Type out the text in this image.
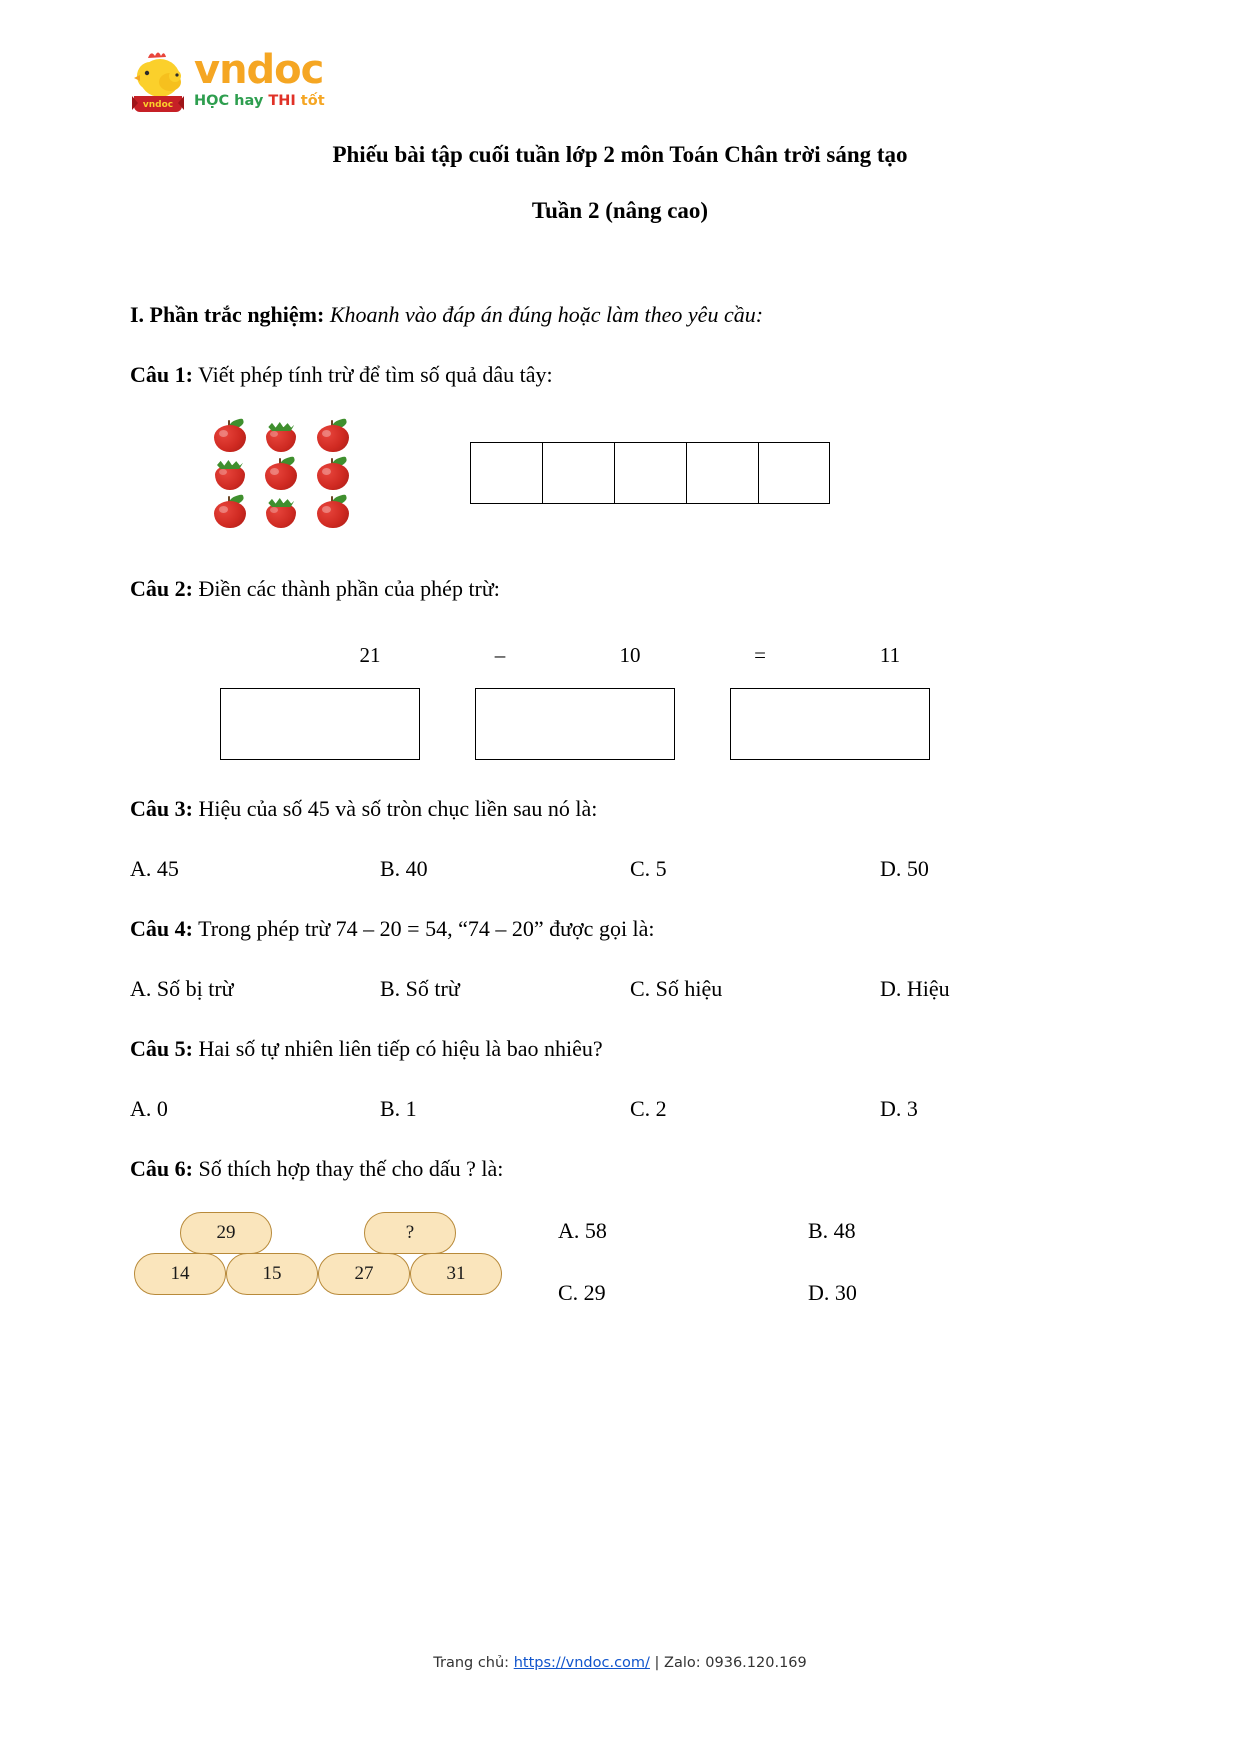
vndoc
vndoc
HỌC hay THI tốt
Phiếu bài tập cuối tuần lớp 2 môn Toán Chân trời sáng tạo
Tuần 2 (nâng cao)
I. Phần trắc nghiệm: Khoanh vào đáp án đúng hoặc làm theo yêu cầu:
Câu 1: Viết phép tính trừ để tìm số quả dâu tây:
Câu 2: Điền các thành phần của phép trừ:
21	–	10	=	11
Câu 3: Hiệu của số 45 và số tròn chục liền sau nó là:
A. 45	B. 40	C. 5	D. 50
Câu 4: Trong phép trừ 74 – 20 = 54, “74 – 20” được gọi là:
A. Số bị trừ	B. Số trừ	C. Số hiệu	D. Hiệu
Câu 5: Hai số tự nhiên liên tiếp có hiệu là bao nhiêu?
A. 0	B. 1	C. 2	D. 3
Câu 6: Số thích hợp thay thế cho dấu ? là:
29
14	15
?
27	31
A. 58	B. 48
C. 29	D. 30
Trang chủ: https://vndoc.com/ | Zalo: 0936.120.169
